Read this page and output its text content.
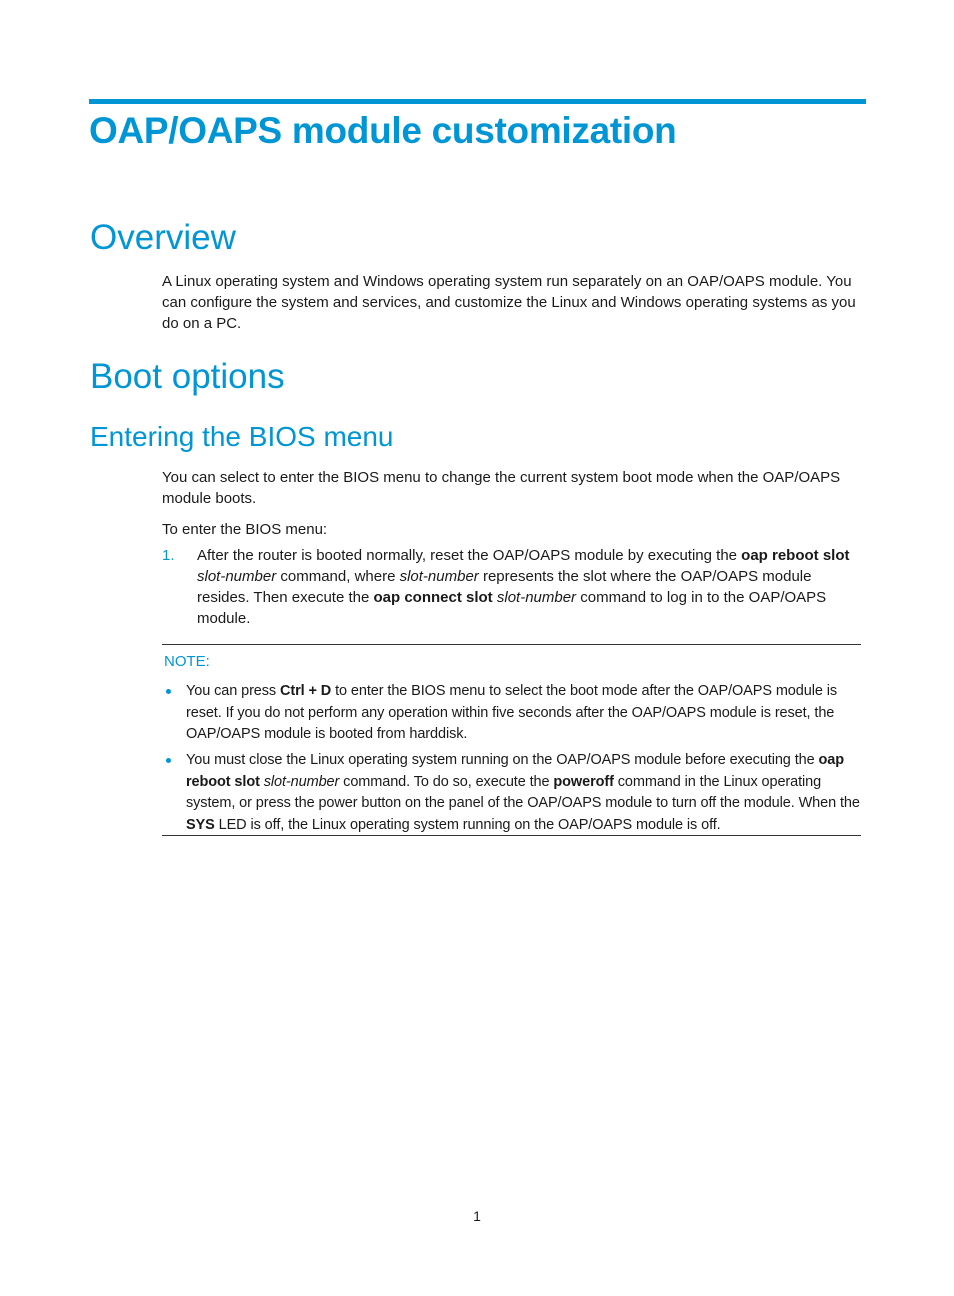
OAP/OAPS module customization
Overview

A Linux operating system and Windows operating system run separately on an OAP/OAPS module. You can configure the system and services, and customize the Linux and Windows operating systems as you do on a PC.

Boot options
Entering the BIOS menu

You can select to enter the BIOS menu to change the current system boot mode when the OAP/OAPS module boots.

To enter the BIOS menu:

1. After the router is booted normally, reset the OAP/OAPS module by executing the oap reboot slot slot-number command, where slot-number represents the slot where the OAP/OAPS module resides. Then execute the oap connect slot slot-number command to log in to the OAP/OAPS module.

NOTE:

You can press Ctrl + D to enter the BIOS menu to select the boot mode after the OAP/OAPS module is reset. If you do not perform any operation within five seconds after the OAP/OAPS module is reset, the OAP/OAPS module is booted from harddisk.

You must close the Linux operating system running on the OAP/OAPS module before executing the oap reboot slot slot-number command. To do so, execute the poweroff command in the Linux operating system, or press the power button on the panel of the OAP/OAPS module to turn off the module. When the SYS LED is off, the Linux operating system running on the OAP/OAPS module is off.

1
